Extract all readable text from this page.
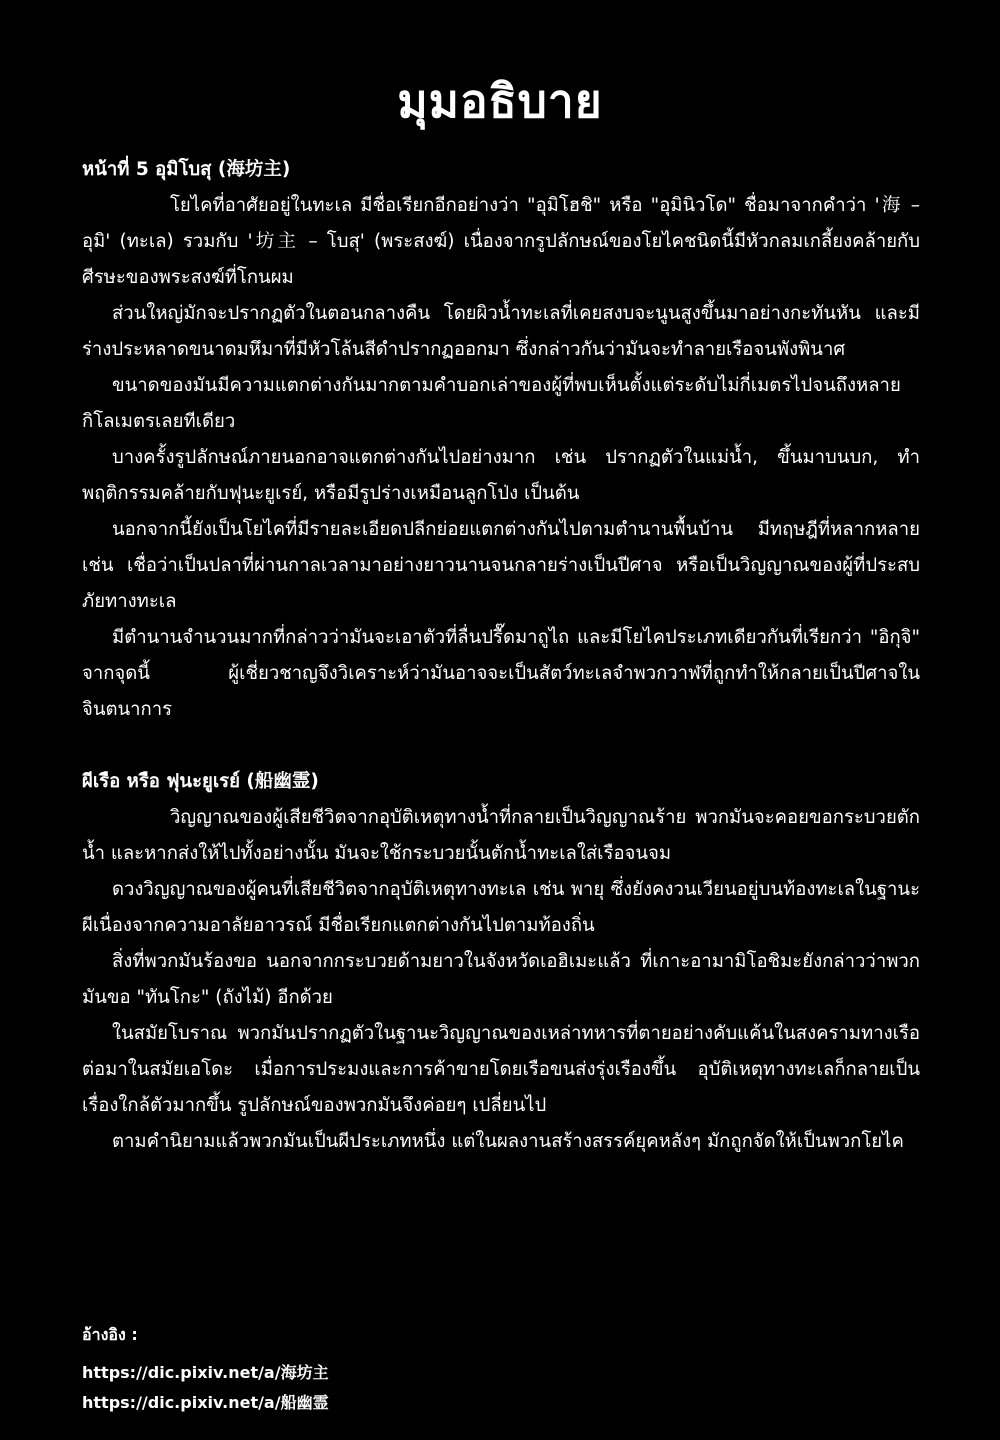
มุมอธิบาย

หน้าที่ 5 อุมิโบสุ (海坊主)

โยไคที่อาศัยอยู่ในทะเล มีชื่อเรียกอีกอย่างว่า "อุมิโฮชิ" หรือ "อุมินิวโด" ชื่อมาจากคำว่า '海 – อุมิ' (ทะเล) รวมกับ '坊主 – โบสุ' (พระสงฆ์) เนื่องจากรูปลักษณ์ของโยไคชนิดนี้มีหัวกลมเกลี้ยงคล้ายกับศีรษะของพระสงฆ์ที่โกนผม

ส่วนใหญ่มักจะปรากฏตัวในตอนกลางคืน โดยผิวน้ำทะเลที่เคยสงบจะนูนสูงขึ้นมาอย่างกะทันหัน และมีร่างประหลาดขนาดมหึมาที่มีหัวโล้นสีดำปรากฏออกมา ซึ่งกล่าวกันว่ามันจะทำลายเรือจนพังพินาศ

ขนาดของมันมีความแตกต่างกันมากตามคำบอกเล่าของผู้ที่พบเห็นตั้งแต่ระดับไม่กี่เมตรไปจนถึงหลายกิโลเมตรเลยทีเดียว

บางครั้งรูปลักษณ์ภายนอกอาจแตกต่างกันไปอย่างมาก เช่น ปรากฏตัวในแม่น้ำ, ขึ้นมาบนบก, ทำพฤติกรรมคล้ายกับฟุนะยูเรย์, หรือมีรูปร่างเหมือนลูกโป่ง เป็นต้น

นอกจากนี้ยังเป็นโยไคที่มีรายละเอียดปลีกย่อยแตกต่างกันไปตามตำนานพื้นบ้าน มีทฤษฎีที่หลากหลาย เช่น เชื่อว่าเป็นปลาที่ผ่านกาลเวลามาอย่างยาวนานจนกลายร่างเป็นปีศาจ หรือเป็นวิญญาณของผู้ที่ประสบภัยทางทะเล

มีตำนานจำนวนมากที่กล่าวว่ามันจะเอาตัวที่ลื่นปรื๊ดมาถูไถ และมีโยไคประเภทเดียวกันที่เรียกว่า "อิกุจิ" จากจุดนี้ ผู้เชี่ยวชาญจึงวิเคราะห์ว่ามันอาจจะเป็นสัตว์ทะเลจำพวกวาฬที่ถูกทำให้กลายเป็นปีศาจในจินตนาการ

ผีเรือ หรือ ฟุนะยูเรย์ (船幽霊)

วิญญาณของผู้เสียชีวิตจากอุบัติเหตุทางน้ำที่กลายเป็นวิญญาณร้าย พวกมันจะคอยขอกระบวยตักน้ำ และหากส่งให้ไปทั้งอย่างนั้น มันจะใช้กระบวยนั้นตักน้ำทะเลใส่เรือจนจม

ดวงวิญญาณของผู้คนที่เสียชีวิตจากอุบัติเหตุทางทะเล เช่น พายุ ซึ่งยังคงวนเวียนอยู่บนท้องทะเลในฐานะผีเนื่องจากความอาลัยอาวรณ์ มีชื่อเรียกแตกต่างกันไปตามท้องถิ่น

สิ่งที่พวกมันร้องขอ นอกจากกระบวยด้ามยาวในจังหวัดเอฮิเมะแล้ว ที่เกาะอามามิโอชิมะยังกล่าวว่าพวกมันขอ "ทันโกะ" (ถังไม้) อีกด้วย

ในสมัยโบราณ พวกมันปรากฏตัวในฐานะวิญญาณของเหล่าทหารที่ตายอย่างคับแค้นในสงครามทางเรือ ต่อมาในสมัยเอโดะ เมื่อการประมงและการค้าขายโดยเรือขนส่งรุ่งเรืองขึ้น อุบัติเหตุทางทะเลก็กลายเป็นเรื่องใกล้ตัวมากขึ้น รูปลักษณ์ของพวกมันจึงค่อยๆ เปลี่ยนไป

ตามคำนิยามแล้วพวกมันเป็นผีประเภทหนึ่ง แต่ในผลงานสร้างสรรค์ยุคหลังๆ มักถูกจัดให้เป็นพวกโยไค

อ้างอิง :

https://dic.pixiv.net/a/海坊主
https://dic.pixiv.net/a/船幽霊
